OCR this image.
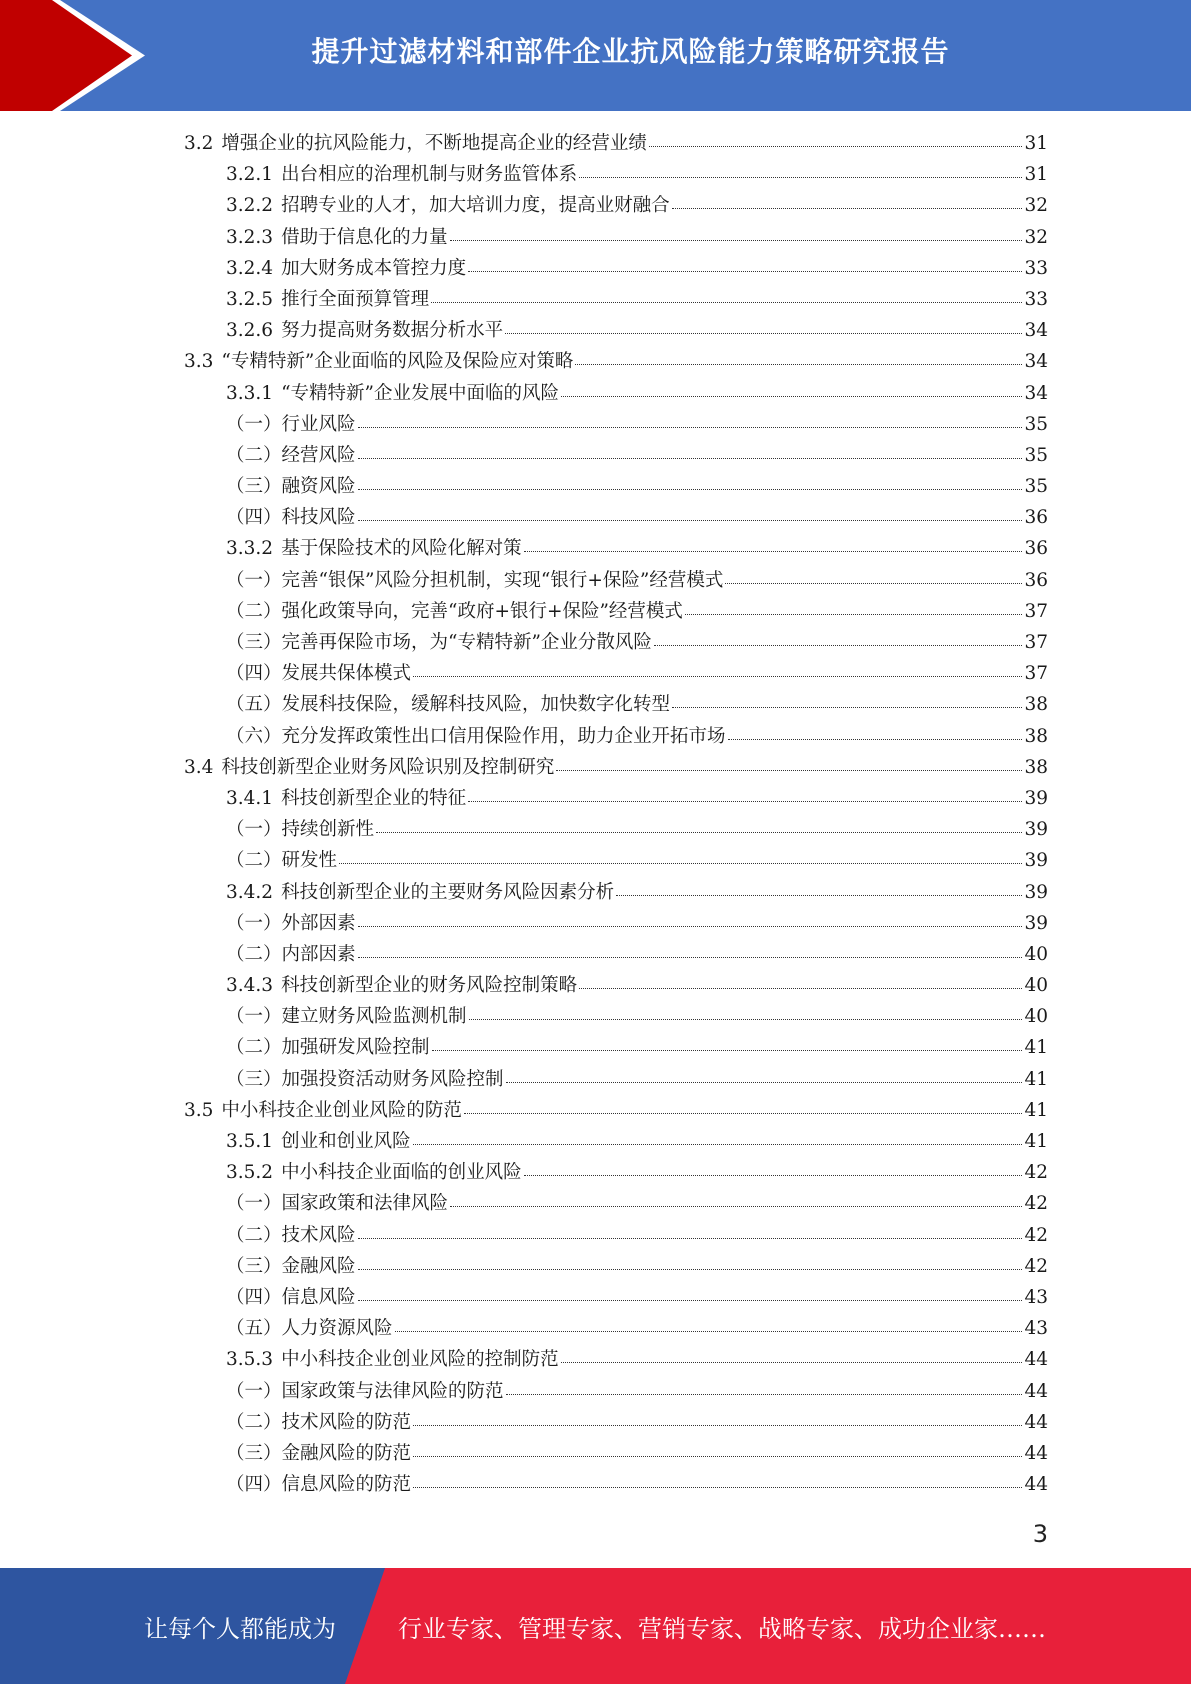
提升过滤材料和部件企业抗风险能力策略研究报告
3.2 增强企业的抗风险能力，不断地提高企业的经营业绩	31
3.2.1 出台相应的治理机制与财务监管体系	31
3.2.2 招聘专业的人才，加大培训力度，提高业财融合	32
3.2.3 借助于信息化的力量	32
3.2.4 加大财务成本管控力度	33
3.2.5 推行全面预算管理	33
3.2.6 努力提高财务数据分析水平	34
3.3 “专精特新”企业面临的风险及保险应对策略	34
3.3.1 “专精特新”企业发展中面临的风险	34
（一）行业风险	35
（二）经营风险	35
（三）融资风险	35
（四）科技风险	36
3.3.2 基于保险技术的风险化解对策	36
（一）完善“银保”风险分担机制，实现“银行+保险”经营模式	36
（二）强化政策导向，完善“政府+银行+保险”经营模式	37
（三）完善再保险市场，为“专精特新”企业分散风险	37
（四）发展共保体模式	37
（五）发展科技保险，缓解科技风险，加快数字化转型	38
（六）充分发挥政策性出口信用保险作用，助力企业开拓市场	38
3.4 科技创新型企业财务风险识别及控制研究	38
3.4.1 科技创新型企业的特征	39
（一）持续创新性	39
（二）研发性	39
3.4.2 科技创新型企业的主要财务风险因素分析	39
（一）外部因素	39
（二）内部因素	40
3.4.3 科技创新型企业的财务风险控制策略	40
（一）建立财务风险监测机制	40
（二）加强研发风险控制	41
（三）加强投资活动财务风险控制	41
3.5 中小科技企业创业风险的防范	41
3.5.1 创业和创业风险	41
3.5.2 中小科技企业面临的创业风险	42
（一）国家政策和法律风险	42
（二）技术风险	42
（三）金融风险	42
（四）信息风险	43
（五）人力资源风险	43
3.5.3 中小科技企业创业风险的控制防范	44
（一）国家政策与法律风险的防范	44
（二）技术风险的防范	44
（三）金融风险的防范	44
（四）信息风险的防范	44
3
让每个人都能成为	行业专家、管理专家、营销专家、战略专家、成功企业家……
